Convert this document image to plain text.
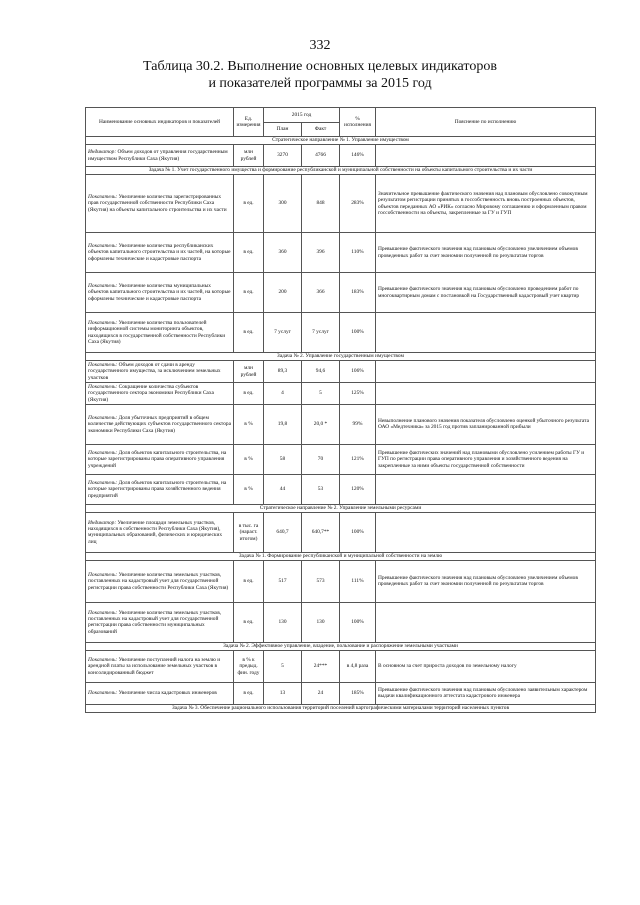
332
Таблица 30.2. Выполнение основных целевых индикаторов
и показателей программы за 2015 год
Наименование основных индикаторов и показателей	Ед. измерения	2015 год		% исполнения	Пояснение по исполнению
		План	Факт		
Стратегическое направление № 1. Управление имуществом					
Индикатор: Объем доходов от управления государственным имуществом Республики Саха (Якутия)	млн рублей	3270	4766	146%	
Задача № 1. Учет государственного имущества и формирование республиканской и муниципальной собственности на объекты капитального строительства и их части					
Показатель: Увеличение количества зарегистрированных прав государственной собственности Республики Саха (Якутия) на объекты капитального строительства и их части	в ед.	300	848	283%	Значительное превышение фактического значения над плановым обусловлено совокупным результатом регистрации принятых в госсобственность вновь построенных объектов, объектов переданных АО «РИК» согласно Мировому соглашению и оформленным правом госсобственности на объекты, закрепленные за ГУ и ГУП
Показатель: Увеличение количества республиканских объектов капитального строительства и их частей, на которые оформлены технические и кадастровые паспорта	в ед.	360	396	110%	Превышение фактического значения над плановым обусловлено увеличением объемов проведенных работ за счет экономии полученной по результатам торгов
Показатель: Увеличение количества муниципальных объектов капитального строительства и их частей, на которые оформлены технические и кадастровые паспорта	в ед.	200	366	183%	Превышение фактического значения над плановым обусловлено проведением работ по многоквартирным домам с постановкой на Государственный кадастровый учет квартир
Показатель: Увеличение количества пользователей информационной системы мониторинга объектов, находящихся в государственной собственности Республики Саха (Якутия)	в ед.	7 услуг	7 услуг	100%	
Задача № 2. Управление государственным имуществом					
Показатель: Объем доходов от сдачи в аренду государственного имущества, за исключением земельных участков	млн рублей	89,3	94,6	106%	
Показатель: Сокращение количества субъектов государственного сектора экономики Республики Саха (Якутия)	в ед.	4	5	125%	
Показатель: Доля убыточных предприятий в общем количестве действующих субъектов государственного сектора экономики Республики Саха (Якутия)	в %	19,8	20,0 *	99%	Невыполнение планового значения показателя обусловлено оценкой убыточного результата ОАО «Медтехника» за 2015 год против запланированной прибыли
Показатель: Доля объектов капитального строительства, на которые зарегистрированы права оперативного управления учреждений	в %	58	70	121%	Превышение фактических значений над плановыми обусловлено усилением работы ГУ и ГУП по регистрации права оперативного управления и хозяйственного ведения на закрепленные за ними объекты государственной собственности
Показатель: Доля объектов капитального строительства, на которые зарегистрированы права хозяйственного ведения предприятий	в %	44	53	120%	
Стратегическое направление № 2. Управление земельными ресурсами					
Индикатор: Увеличение площади земельных участков, находящихся в собственности Республики Саха (Якутия), муниципальных образований, физических и юридических лиц	в тыс. га (нараст. итогом)	640,7	640,7**	100%	
Задача № 1. Формирование республиканской и муниципальной собственности на землю					
Показатель: Увеличение количества земельных участков, поставленных на кадастровый учет для государственной регистрации права собственности Республики Саха (Якутия)	в ед.	517	573	111%	Превышение фактического значения над плановым обусловлено увеличением объемов проведенных работ за счет экономии полученной по результатам торгов
Показатель: Увеличение количества земельных участков, поставленных на кадастровый учет для государственной регистрации права собственности муниципальных образований	в ед.	130	130	100%	
Задача № 2. Эффективное управление, владение, пользование и распоряжение земельными участками					
Показатель: Увеличение поступлений налога на землю и арендной платы за использование земельных участков в консолидированный бюджет	в % к предыд. фин. году	5	24***	в 4,8 раза	В основном за счет прироста доходов по земельному налогу
Показатель: Увеличение числа кадастровых инженеров	в ед.	13	24	185%	Превышение фактического значения над плановым обусловлено заявительным характером выдачи квалификационного аттестата кадастрового инженера
Задача № 3. Обеспечение рационального использования территорий поселений картографическими материалами территорий населенных пунктов					
